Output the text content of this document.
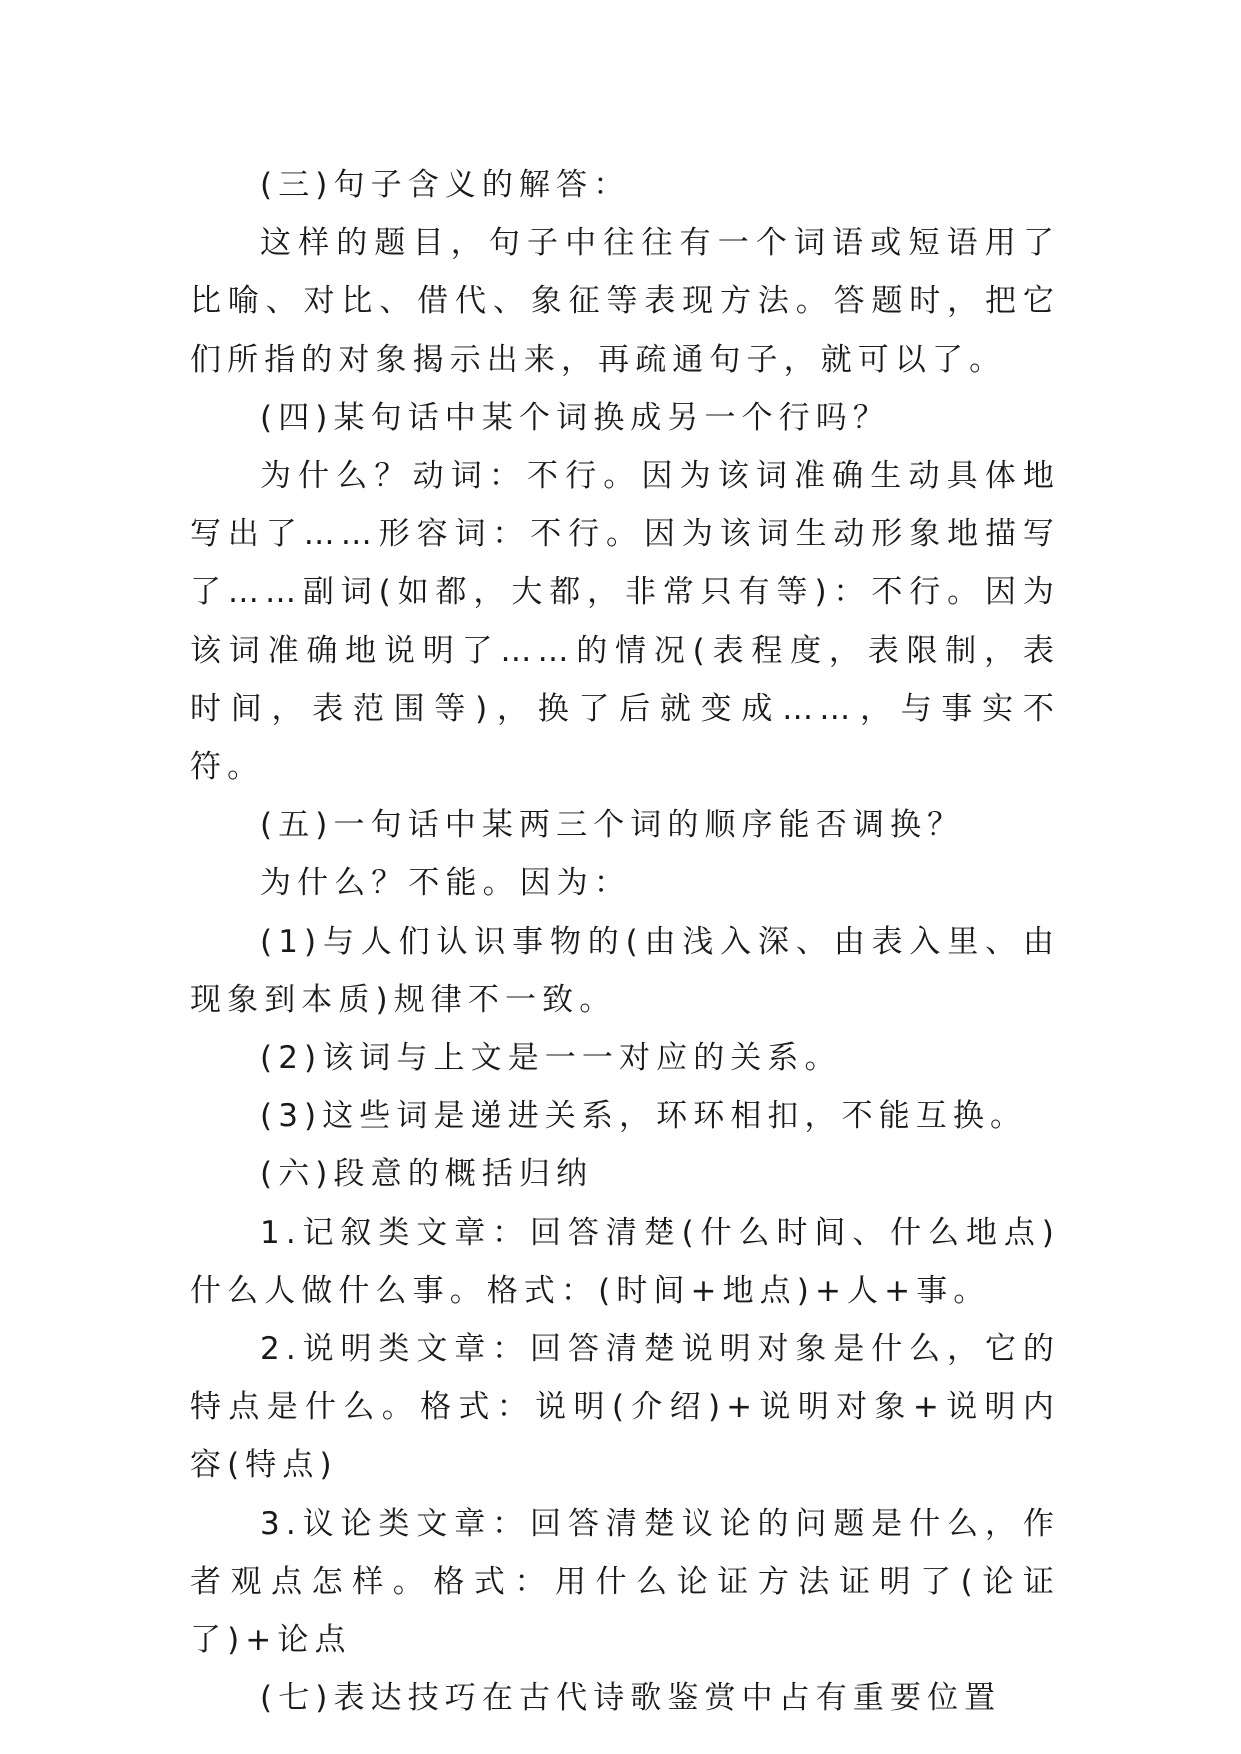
(三)句子含义的解答：

这样的题目，句子中往往有一个词语或短语用了比喻、对比、借代、象征等表现方法。答题时，把它们所指的对象揭示出来，再疏通句子，就可以了。

(四)某句话中某个词换成另一个行吗？

为什么？动词：不行。因为该词准确生动具体地写出了……形容词：不行。因为该词生动形象地描写了……副词(如都，大都，非常只有等)：不行。因为该词准确地说明了……的情况(表程度，表限制，表时间，表范围等)，换了后就变成……，与事实不符。

(五)一句话中某两三个词的顺序能否调换？

为什么？不能。因为：

(1)与人们认识事物的(由浅入深、由表入里、由现象到本质)规律不一致。

(2)该词与上文是一一对应的关系。

(3)这些词是递进关系，环环相扣，不能互换。

(六)段意的概括归纳

1.记叙类文章：回答清楚(什么时间、什么地点)什么人做什么事。格式：(时间+地点)+人+事。

2.说明类文章：回答清楚说明对象是什么，它的特点是什么。格式：说明(介绍)+说明对象+说明内容(特点)

3.议论类文章：回答清楚议论的问题是什么，作者观点怎样。格式：用什么论证方法证明了(论证了)+论点

(七)表达技巧在古代诗歌鉴赏中占有重要位置
